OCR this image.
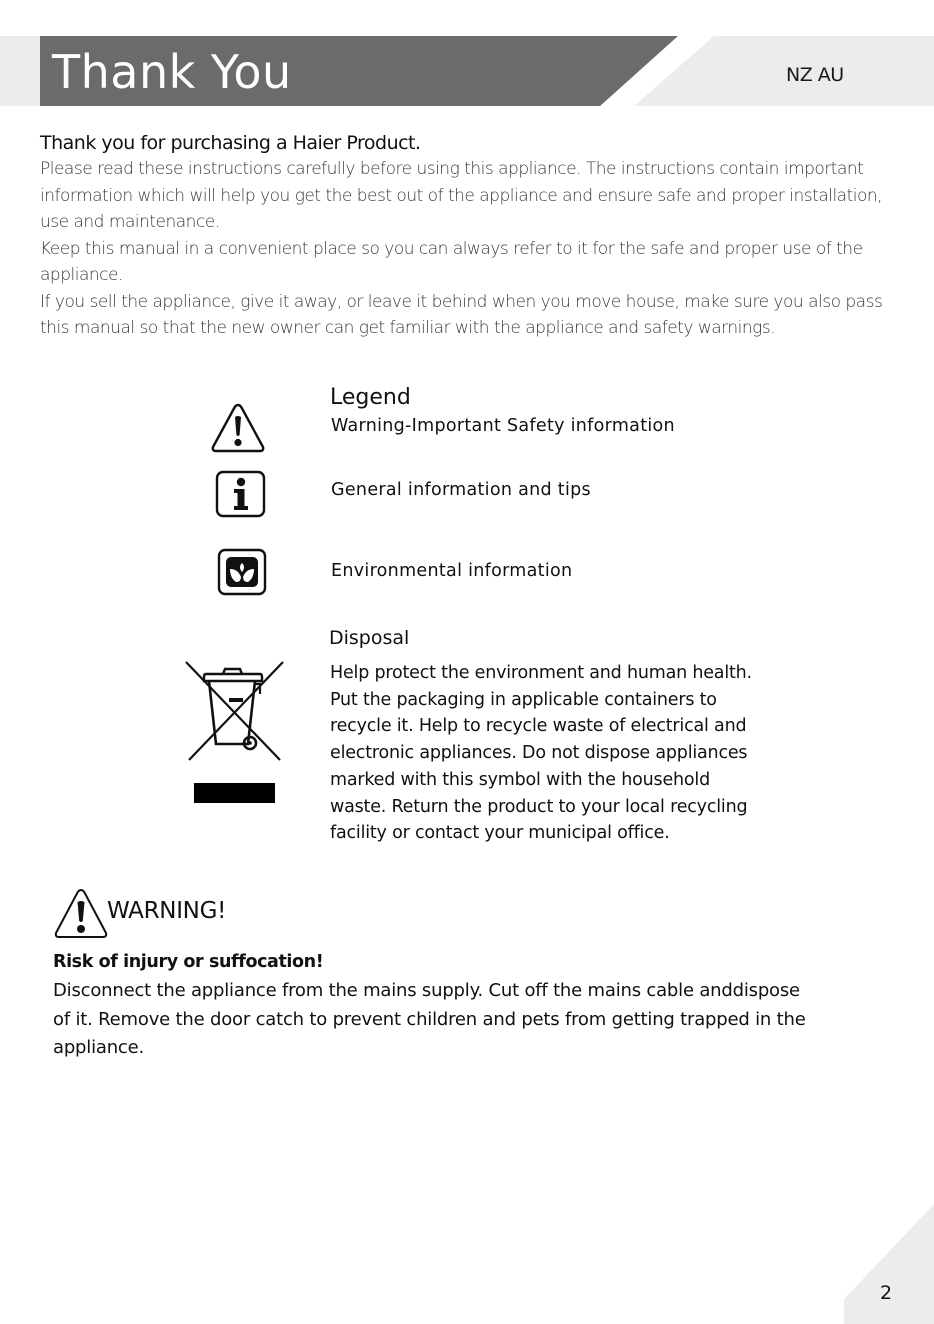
Thank You	NZ AU
Thank you for purchasing a Haier Product.

Please read these instructions carefully before using this appliance. The instructions contain important information which will help you get the best out of the appliance and ensure safe and proper installation, use and maintenance.

Keep this manual in a convenient place so you can always refer to it for the safe and proper use of the appliance.

If you sell the appliance, give it away, or leave it behind when you move house, make sure you also pass this manual so that the new owner can get familiar with the appliance and safety warnings.

Legend
Warning-Important Safety information
General information and tips
Environmental information
Disposal

Help protect the environment and human health.
Put the packaging in applicable containers to
recycle it. Help to recycle waste of electrical and
electronic appliances. Do not dispose appliances
marked with this symbol with the household
waste. Return the product to your local recycling
facility or contact your municipal office.

WARNING!

Risk of injury or suffocation!

Disconnect the appliance from the mains supply. Cut off the mains cable anddispose
of it. Remove the door catch to prevent children and pets from getting trapped in the
appliance.

2
